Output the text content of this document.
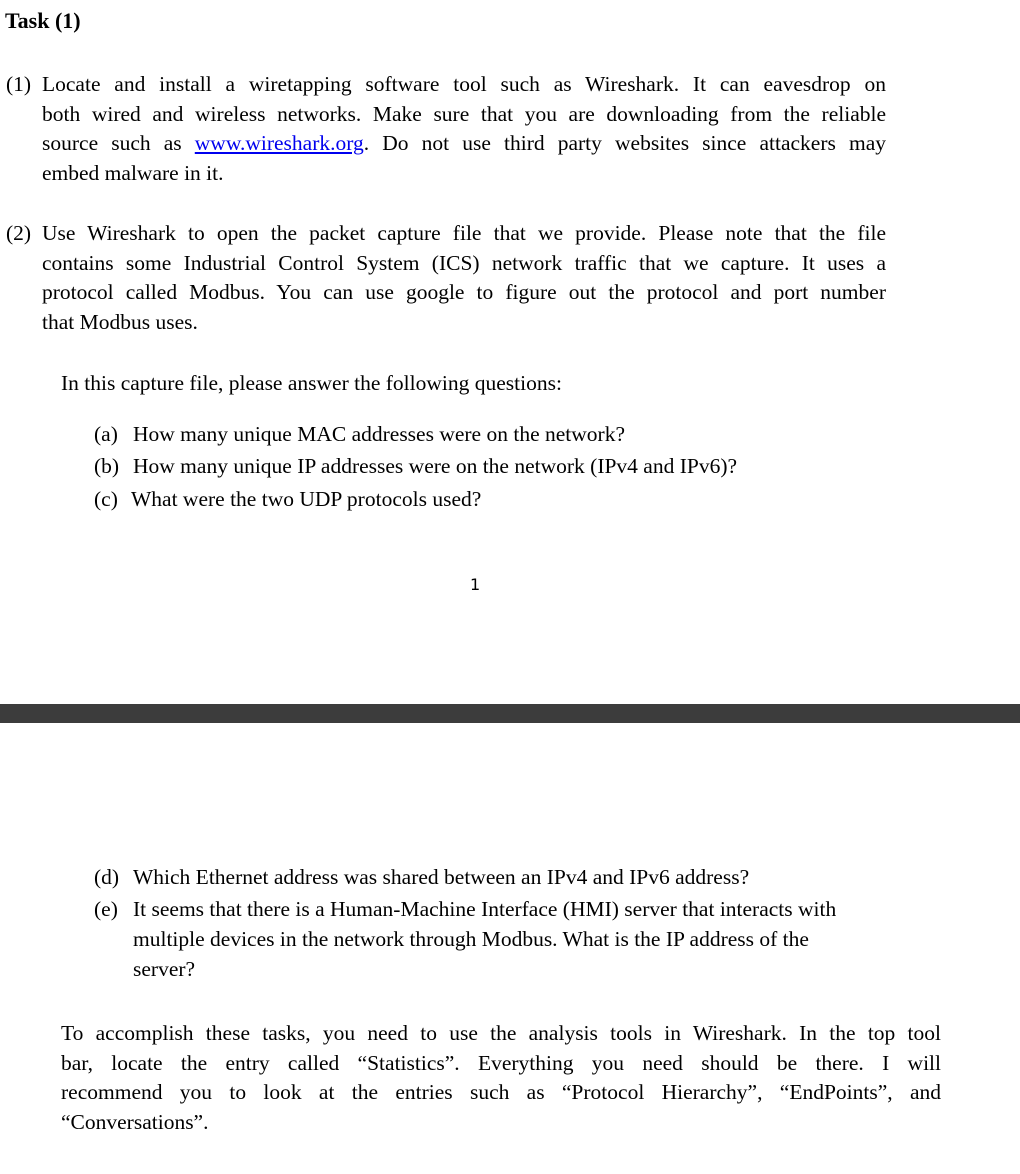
Task (1)
(1) Locate and install a wiretapping software tool such as Wireshark. It can eavesdrop on
both wired and wireless networks. Make sure that you are downloading from the reliable
source such as www.wireshark.org. Do not use third party websites since attackers may
embed malware in it.
(2) Use Wireshark to open the packet capture file that we provide. Please note that the file
contains some Industrial Control System (ICS) network traffic that we capture. It uses a
protocol called Modbus. You can use google to figure out the protocol and port number
that Modbus uses.
In this capture file, please answer the following questions:
(a) How many unique MAC addresses were on the network?
(b) How many unique IP addresses were on the network (IPv4 and IPv6)?
(c) What were the two UDP protocols used?
1
(d) Which Ethernet address was shared between an IPv4 and IPv6 address?
(e) It seems that there is a Human-Machine Interface (HMI) server that interacts with
multiple devices in the network through Modbus. What is the IP address of the
server?
To accomplish these tasks, you need to use the analysis tools in Wireshark. In the top tool
bar, locate the entry called “Statistics”. Everything you need should be there. I will
recommend you to look at the entries such as “Protocol Hierarchy”, “EndPoints”, and
“Conversations”.
